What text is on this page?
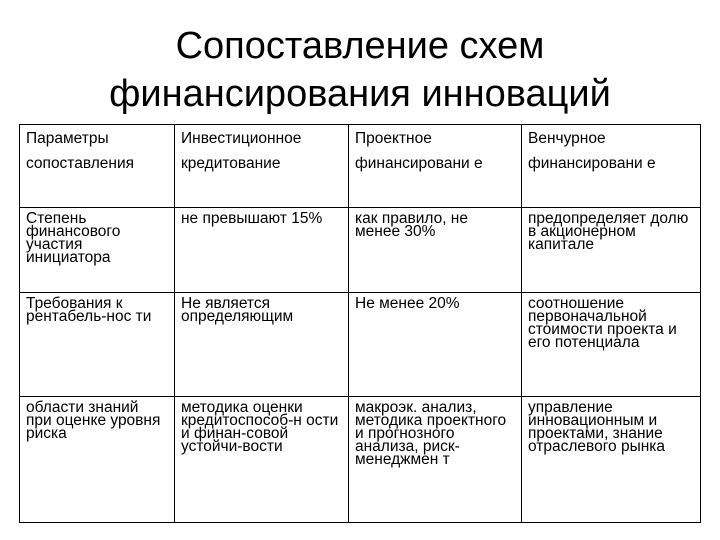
Сопоставление схем
финансирования инноваций
Параметры сопоставления	Инвестиционное кредитование	Проектное финансировани е	Венчурное финансировани е
Степень финансового участия инициатора	не превышают 15%	как правило, не менее 30%	предопределяет долю в акционерном капитале
Требования к рентабель-нос ти	Не является определяющим	Не менее 20%	соотношение первоначальной стоимости проекта и его потенциала
области знаний при оценке уровня риска	методика оценки кредитоспособ-н ости и финан-совой устойчи-вости	макроэк. анализ, методика проектного и прогнозного анализа, риск-менеджмен т	управление инновационным и проектами, знание отраслевого рынка
